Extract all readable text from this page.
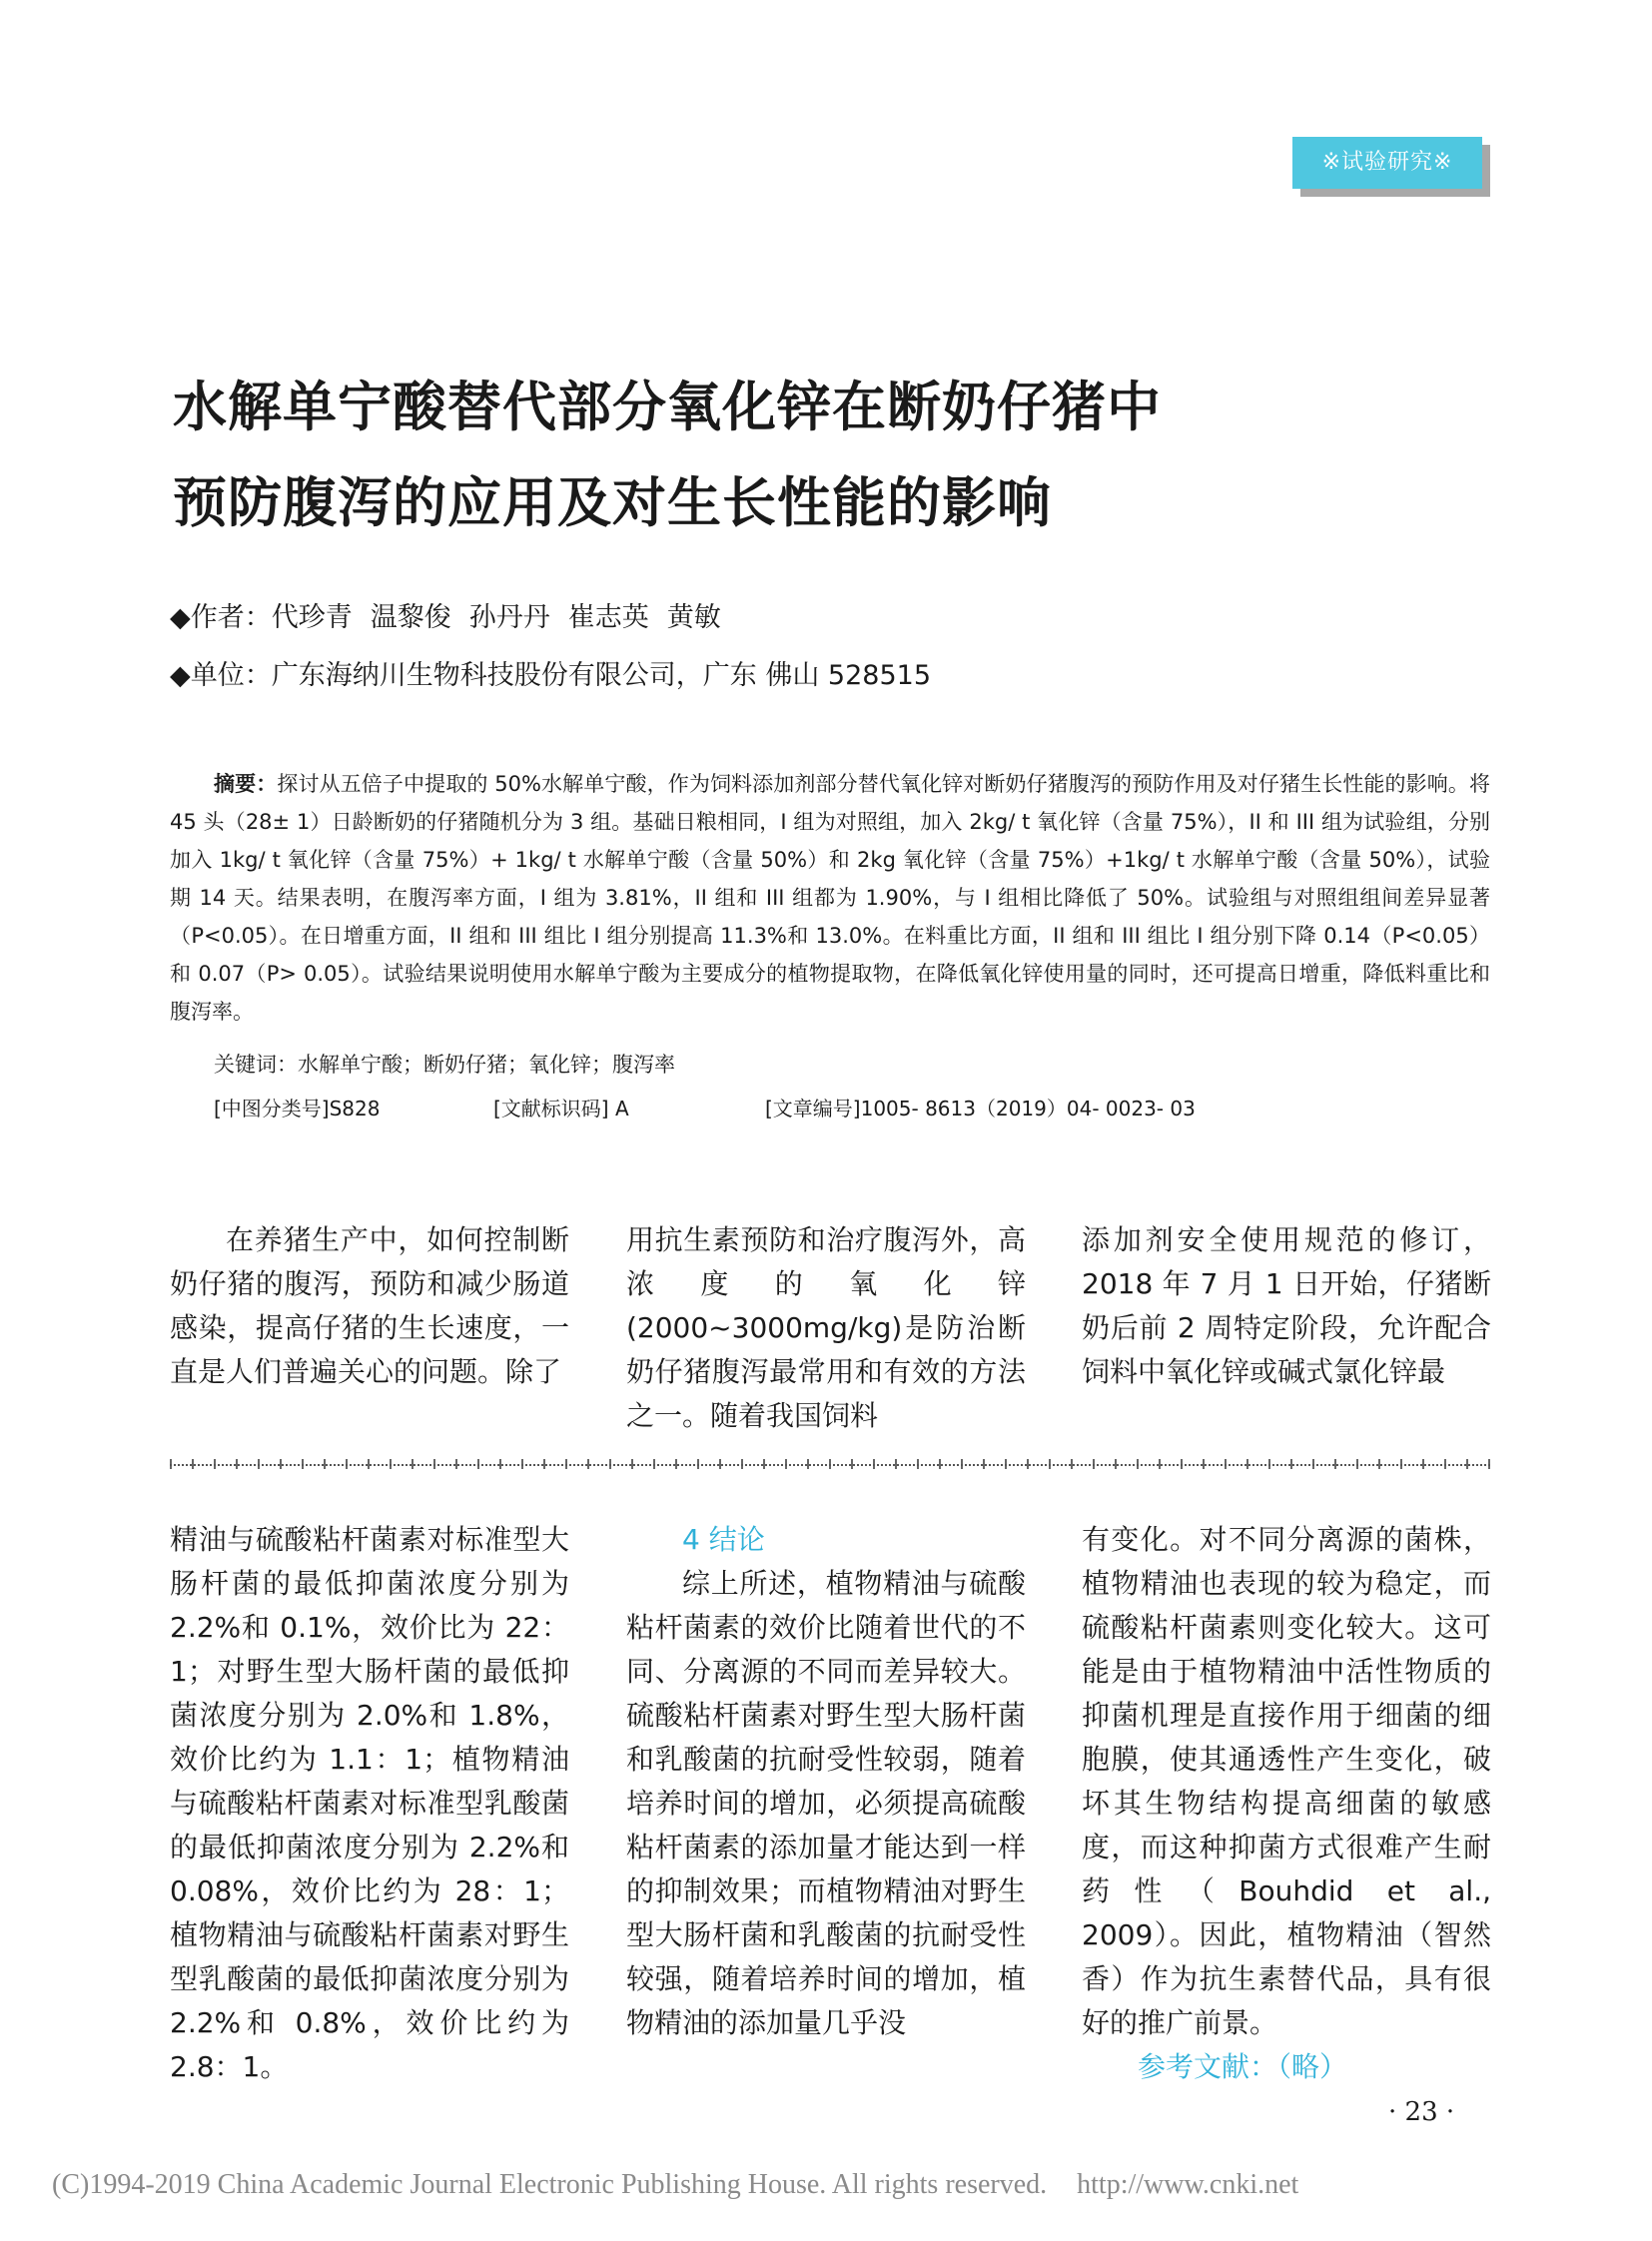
※试验研究※
水解单宁酸替代部分氧化锌在断奶仔猪中
预防腹泻的应用及对生长性能的影响
◆作者：代珍青 温黎俊 孙丹丹 崔志英 黄敏
◆单位：广东海纳川生物科技股份有限公司，广东 佛山 528515

摘要：探讨从五倍子中提取的 50%水解单宁酸，作为饲料添加剂部分替代氧化锌对断奶仔猪腹泻的预防作用及对仔猪生长性能的影响。将 45 头（28± 1）日龄断奶的仔猪随机分为 3 组。基础日粮相同，I 组为对照组，加入 2kg/ t 氧化锌（含量 75%），II 和 III 组为试验组，分别加入 1kg/ t 氧化锌（含量 75%）+ 1kg/ t 水解单宁酸（含量 50%）和 2kg 氧化锌（含量 75%）+1kg/ t 水解单宁酸（含量 50%），试验期 14 天。结果表明，在腹泻率方面，I 组为 3.81%，II 组和 III 组都为 1.90%，与 I 组相比降低了 50%。试验组与对照组组间差异显著（P<0.05）。在日增重方面，II 组和 III 组比 I 组分别提高 11.3%和 13.0%。在料重比方面，II 组和 III 组比 I 组分别下降 0.14（P<0.05）和 0.07（P> 0.05）。试验结果说明使用水解单宁酸为主要成分的植物提取物，在降低氧化锌使用量的同时，还可提高日增重，降低料重比和腹泻率。

关键词：水解单宁酸；断奶仔猪；氧化锌；腹泻率
[中图分类号]S828	[文献标识码] A	[文章编号]1005- 8613（2019）04- 0023- 03

在养猪生产中，如何控制断奶仔猪的腹泻，预防和减少肠道感染，提高仔猪的生长速度，一直是人们普遍关心的问题。除了

用抗生素预防和治疗腹泻外，高浓度的氧化锌(2000~3000mg/kg)是防治断奶仔猪腹泻最常用和有效的方法之一。随着我国饲料

添加剂安全使用规范的修订，2018 年 7 月 1 日开始，仔猪断奶后前 2 周特定阶段，允许配合饲料中氧化锌或碱式氯化锌最

精油与硫酸粘杆菌素对标准型大肠杆菌的最低抑菌浓度分别为 2.2%和 0.1%，效价比为 22：1；对野生型大肠杆菌的最低抑菌浓度分别为 2.0%和 1.8%，效价比约为 1.1：1；植物精油与硫酸粘杆菌素对标准型乳酸菌的最低抑菌浓度分别为 2.2%和 0.08%，效价比约为 28：1；植物精油与硫酸粘杆菌素对野生型乳酸菌的最低抑菌浓度分别为 2.2%和 0.8%，效价比约为 2.8：1。

4 结论

综上所述，植物精油与硫酸粘杆菌素的效价比随着世代的不同、分离源的不同而差异较大。硫酸粘杆菌素对野生型大肠杆菌和乳酸菌的抗耐受性较弱，随着培养时间的增加，必须提高硫酸粘杆菌素的添加量才能达到一样的抑制效果；而植物精油对野生型大肠杆菌和乳酸菌的抗耐受性较强，随着培养时间的增加，植物精油的添加量几乎没

有变化。对不同分离源的菌株，植物精油也表现的较为稳定，而硫酸粘杆菌素则变化较大。这可能是由于植物精油中活性物质的抑菌机理是直接作用于细菌的细胞膜，使其通透性产生变化，破坏其生物结构提高细菌的敏感度，而这种抑菌方式很难产生耐药性（Bouhdid et al., 2009）。因此，植物精油（智然香）作为抗生素替代品，具有很好的推广前景。

参考文献：（略）

· 23 ·
(C)1994-2019 China Academic Journal Electronic Publishing House. All rights reserved. http://www.cnki.net
